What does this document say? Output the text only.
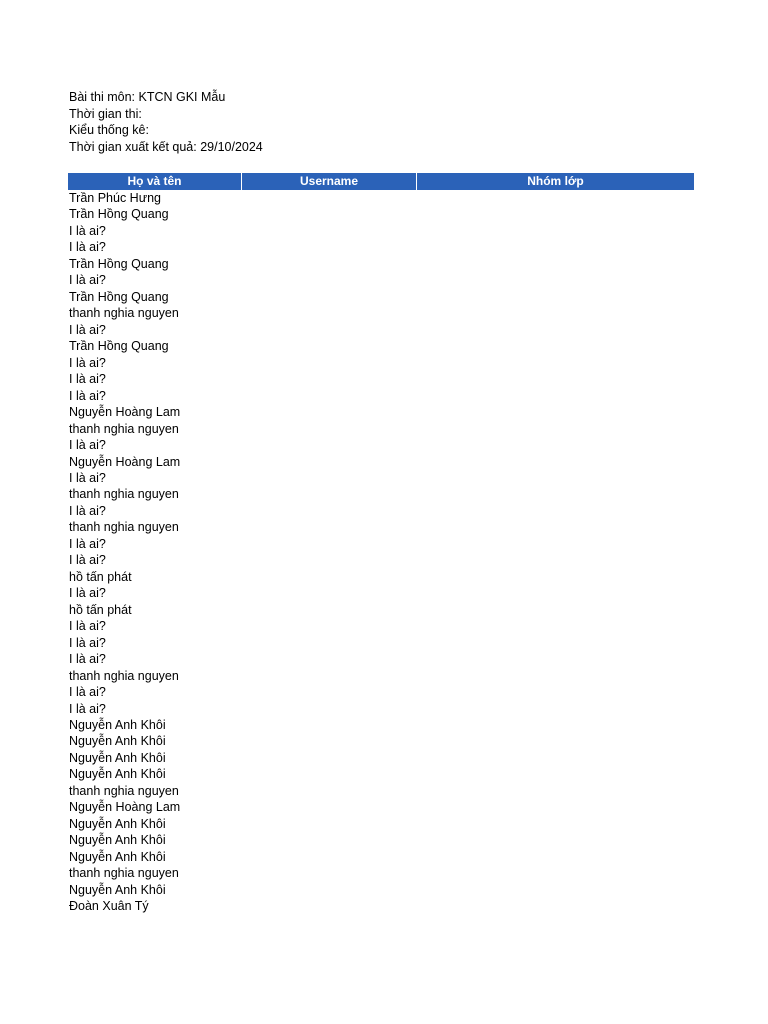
Bài thi môn: KTCN GKI Mẫu
Thời gian thi:
Kiểu thống kê:
Thời gian xuất kết quả: 29/10/2024
Họ và tên	Username	Nhóm lớp
Trần Phúc Hưng
Trần Hồng Quang
I là ai?
I là ai?
Trần Hồng Quang
I là ai?
Trần Hồng Quang
thanh nghia nguyen
I là ai?
Trần Hồng Quang
I là ai?
I là ai?
I là ai?
Nguyễn Hoàng Lam
thanh nghia nguyen
I là ai?
Nguyễn Hoàng Lam
I là ai?
thanh nghia nguyen
I là ai?
thanh nghia nguyen
I là ai?
I là ai?
hồ tấn phát
I là ai?
hồ tấn phát
I là ai?
I là ai?
I là ai?
thanh nghia nguyen
I là ai?
I là ai?
Nguyễn Anh Khôi
Nguyễn Anh Khôi
Nguyễn Anh Khôi
Nguyễn Anh Khôi
thanh nghia nguyen
Nguyễn Hoàng Lam
Nguyễn Anh Khôi
Nguyễn Anh Khôi
Nguyễn Anh Khôi
thanh nghia nguyen
Nguyễn Anh Khôi
Đoàn Xuân Tý
